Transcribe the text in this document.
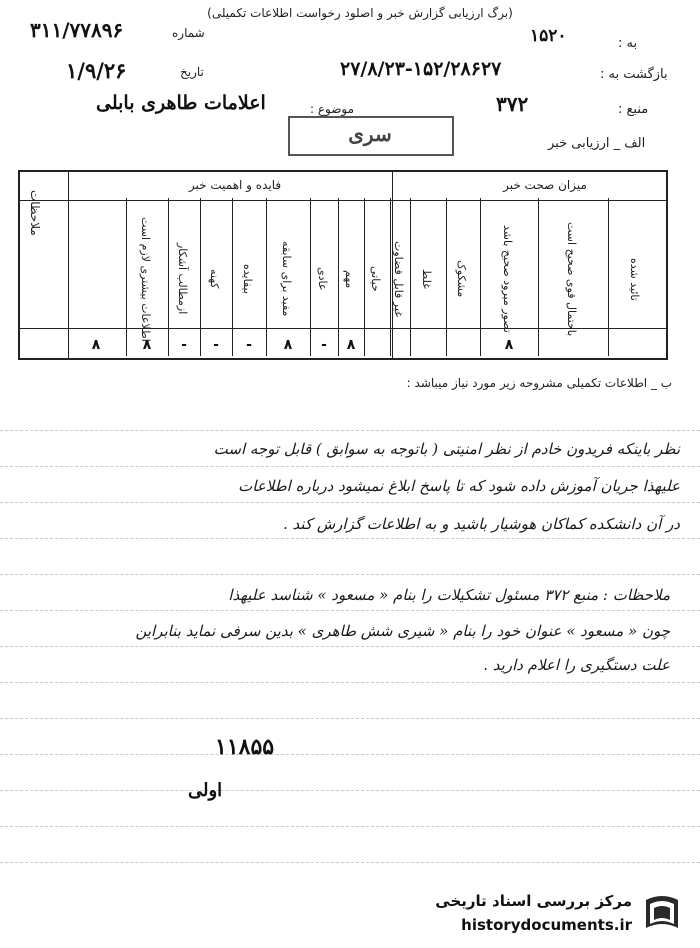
(برگ ارزیابی گزارش خبر و اصلود رخواست اطلاعات تکمیلی)
شماره
۳۱۱/۷۷۸۹۶
تاریخ
۱/۹/۲۶
به :
۱۵۲۰
بازگشت به :
۲۷/۸/۲۳-۱۵۲/۲۸۶۲۷
موضوع :
اعلامات طاهری بابلی	منبع :
۳۷۲
سری	الف _ ارزیابی خبر
میزان صحت خبر
فایده و اهمیت خبر
ملاحظات
تائید شده
باحتمال قوی صحیح است
تصور میرود صحیح باشد
مشکوک
غلط
غیر قابل قضاوت
حیاتی
مهم
عادی
مفید برای سابقه
بیفایده
کهنه
ازمطالب آشکار
اطلاعات بیشتری لازم است
۸
۸
-
۸
-
-
-
۸
۸
ب _ اطلاعات تکمیلی مشروحه زیر مورد نیاز میباشد :
نظر باینکه فریدون خادم از نظر امنیتی ( باتوجه به سوابق ) قابل توجه است
علیهذا جریان آموزش داده شود که تا پاسخ ابلاغ نمیشود درباره اطلاعات
در آن دانشکده کماکان هوشیار باشید و به اطلاعات گزارش کند .
ملاحظات : منبع ۳۷۲ مسئول تشکیلات را بنام « مسعود » شناسد علیهذا
چون « مسعود » عنوان خود را بنام « شیری شش طاهری » بدین سرفی نماید بنابراین
علت دستگیری را اعلام دارید .
۱۱۸۵۵
اولی
مرکز بررسی اسناد تاریخی
historydocuments.ir
